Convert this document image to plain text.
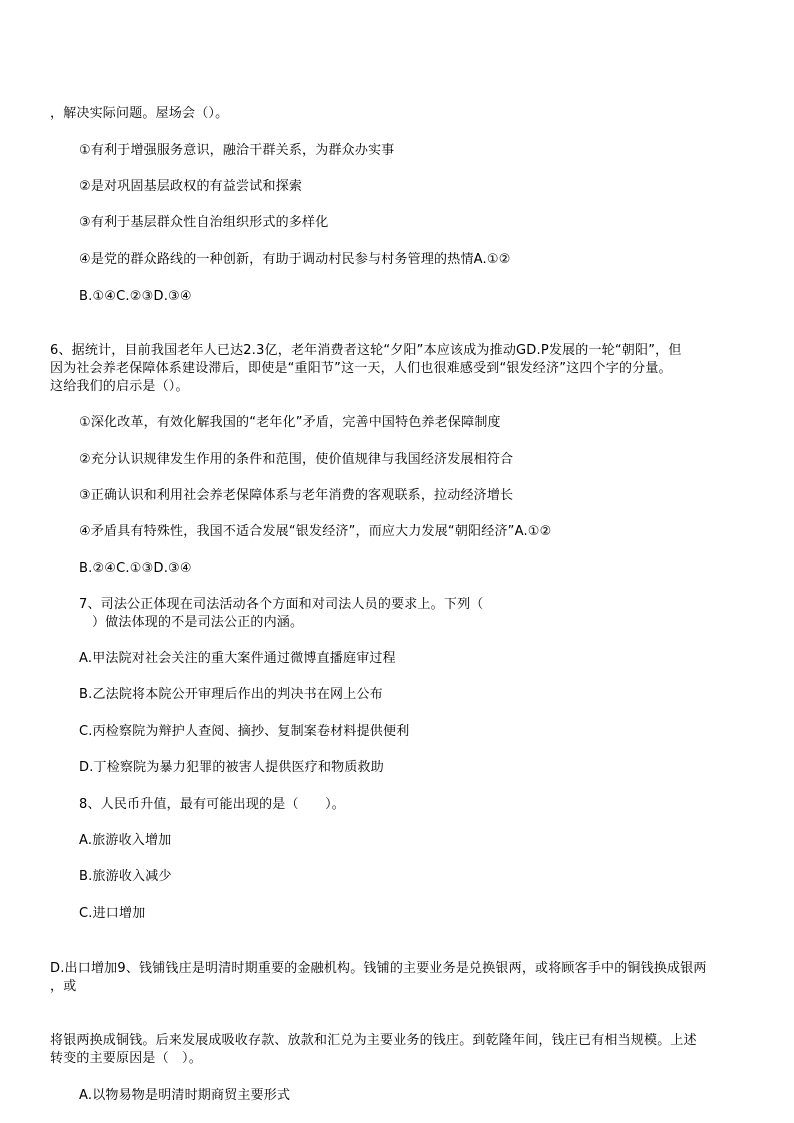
，解决实际问题。屋场会（）。
①有利于增强服务意识，融洽干群关系，为群众办实事
②是对巩固基层政权的有益尝试和探索
③有利于基层群众性自治组织形式的多样化
④是党的群众路线的一种创新，有助于调动村民参与村务管理的热情A.①②
B.①④C.②③D.③④
6、据统计，目前我国老年人已达2.3亿，老年消费者这轮“夕阳”本应该成为推动GD.P发展的一轮“朝阳”，但
因为社会养老保障体系建设滞后，即使是“重阳节”这一天，人们也很难感受到“银发经济”这四个字的分量。
这给我们的启示是（）。
①深化改革，有效化解我国的“老年化”矛盾，完善中国特色养老保障制度
②充分认识规律发生作用的条件和范围，使价值规律与我国经济发展相符合
③正确认识和利用社会养老保障体系与老年消费的客观联系，拉动经济增长
④矛盾具有特殊性，我国不适合发展“银发经济”，而应大力发展“朝阳经济”A.①②
B.②④C.①③D.③④
7、司法公正体现在司法活动各个方面和对司法人员的要求上。下列（
）做法体现的不是司法公正的内涵。
A.甲法院对社会关注的重大案件通过微博直播庭审过程
B.乙法院将本院公开审理后作出的判决书在网上公布
C.丙检察院为辩护人查阅、摘抄、复制案卷材料提供便利
D.丁检察院为暴力犯罪的被害人提供医疗和物质救助
8、人民币升值，最有可能出现的是（　　）。
A.旅游收入增加
B.旅游收入减少
C.进口增加
D.出口增加9、钱铺钱庄是明清时期重要的金融机构。钱铺的主要业务是兑换银两，或将顾客手中的铜钱换成银两
，或
将银两换成铜钱。后来发展成吸收存款、放款和汇兑为主要业务的钱庄。到乾隆年间，钱庄已有相当规模。上述
转变的主要原因是（　）。
A.以物易物是明清时期商贸主要形式
